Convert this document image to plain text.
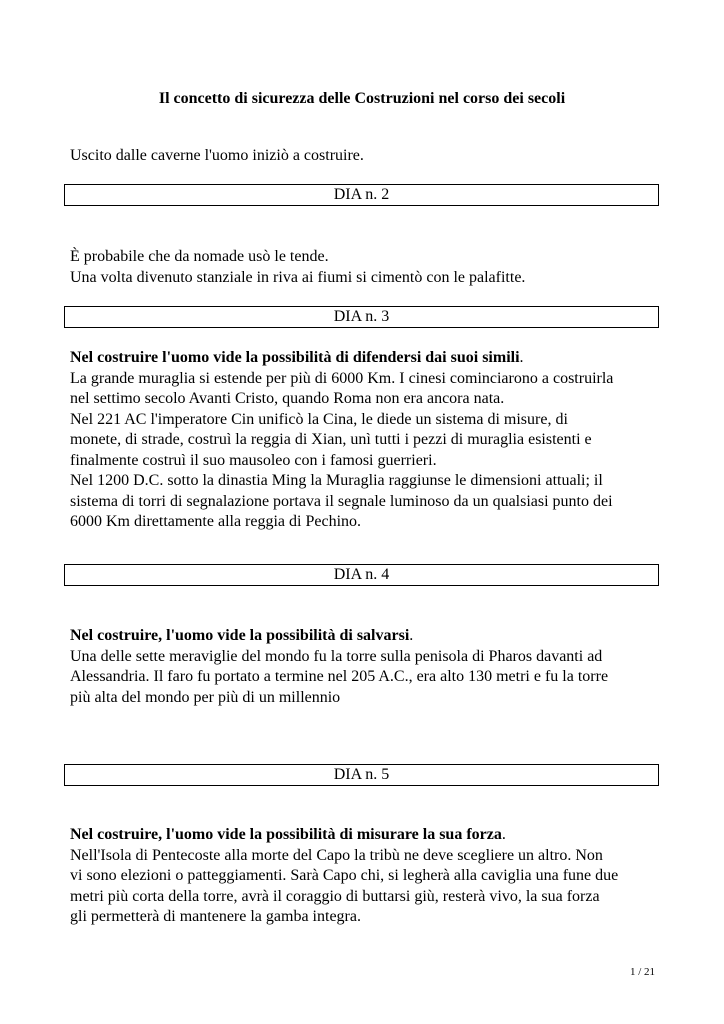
Il concetto di sicurezza delle Costruzioni nel corso dei secoli

Uscito dalle caverne l'uomo iniziò a costruire.

DIA n. 2

È probabile che da nomade usò le tende.
Una volta divenuto stanziale in riva ai fiumi si cimentò con le palafitte.

DIA n. 3

Nel costruire l'uomo vide la possibilità di difendersi dai suoi simili.
La grande muraglia si estende per più di 6000 Km. I cinesi cominciarono a costruirla
nel settimo secolo Avanti Cristo, quando Roma non era ancora nata.
Nel 221 AC l'imperatore Cin unificò la Cina, le diede un sistema di misure, di
monete, di strade, costruì la reggia di Xian, unì tutti i pezzi di muraglia esistenti e
finalmente costruì il suo mausoleo con i famosi guerrieri.
Nel 1200 D.C. sotto la dinastia Ming la Muraglia raggiunse le dimensioni attuali; il
sistema di torri di segnalazione portava il segnale luminoso da un qualsiasi punto dei
6000 Km direttamente alla reggia di Pechino.

DIA n. 4

Nel costruire, l'uomo vide la possibilità di salvarsi.
Una delle sette meraviglie del mondo fu la torre sulla penisola di Pharos davanti ad
Alessandria. Il faro fu portato a termine nel 205 A.C., era alto 130 metri e fu la torre
più alta del mondo per più di un millennio

DIA n. 5

Nel costruire, l'uomo vide la possibilità di misurare la sua forza.
Nell'Isola di Pentecoste alla morte del Capo la tribù ne deve scegliere un altro. Non
vi sono elezioni o patteggiamenti. Sarà Capo chi, si legherà alla caviglia una fune due
metri più corta della torre, avrà il coraggio di buttarsi giù, resterà vivo, la sua forza
gli permetterà di mantenere la gamba integra.

1 / 21
